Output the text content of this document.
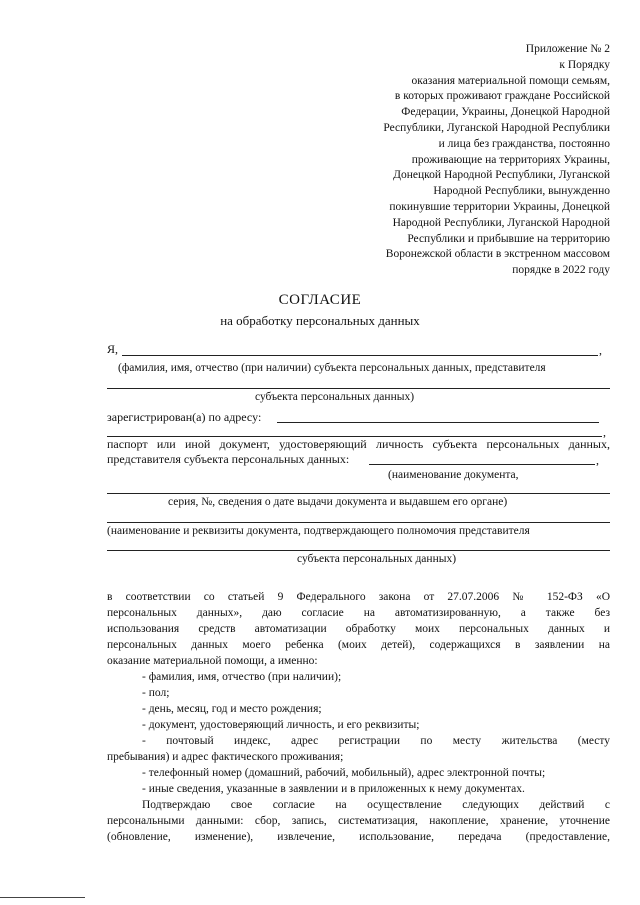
Приложение № 2
к Порядку
оказания материальной помощи семьям,
в которых проживают граждане Российской
Федерации, Украины, Донецкой Народной
Республики, Луганской Народной Республики
и лица без гражданства, постоянно
проживающие на территориях Украины,
Донецкой Народной Республики, Луганской
Народной Республики, вынужденно
покинувшие территории Украины, Донецкой
Народной Республики, Луганской Народной
Республики и прибывшие на территорию
Воронежской области в экстренном массовом
порядке в 2022 году
СОГЛАСИЕ
на обработку персональных данных
Я,	,
(фамилия, имя, отчество (при наличии) субъекта персональных данных, представителя
субъекта персональных данных)
зарегистрирован(а) по адресу:
,
паспорт или иной документ, удостоверяющий личность субъекта персональных данных,
представителя субъекта персональных данных:	,
(наименование документа,
серия, №, сведения о дате выдачи документа и выдавшем его органе)
(наименование и реквизиты документа, подтверждающего полномочия представителя
субъекта персональных данных)
в соответствии со статьей 9 Федерального закона от 27.07.2006 № 152-ФЗ «О
персональных данных», даю согласие на автоматизированную, а также без
использования средств автоматизации обработку моих персональных данных и
персональных данных моего ребенка (моих детей), содержащихся в заявлении на
оказание материальной помощи, а именно:
- фамилия, имя, отчество (при наличии);
- пол;
- день, месяц, год и место рождения;
- документ, удостоверяющий личность, и его реквизиты;
- почтовый индекс, адрес регистрации по месту жительства (месту
пребывания) и адрес фактического проживания;
- телефонный номер (домашний, рабочий, мобильный), адрес электронной почты;
- иные сведения, указанные в заявлении и в приложенных к нему документах.
Подтверждаю свое согласие на осуществление следующих действий с
персональными данными: сбор, запись, систематизация, накопление, хранение, уточнение
(обновление, изменение), извлечение, использование, передача (предоставление,
